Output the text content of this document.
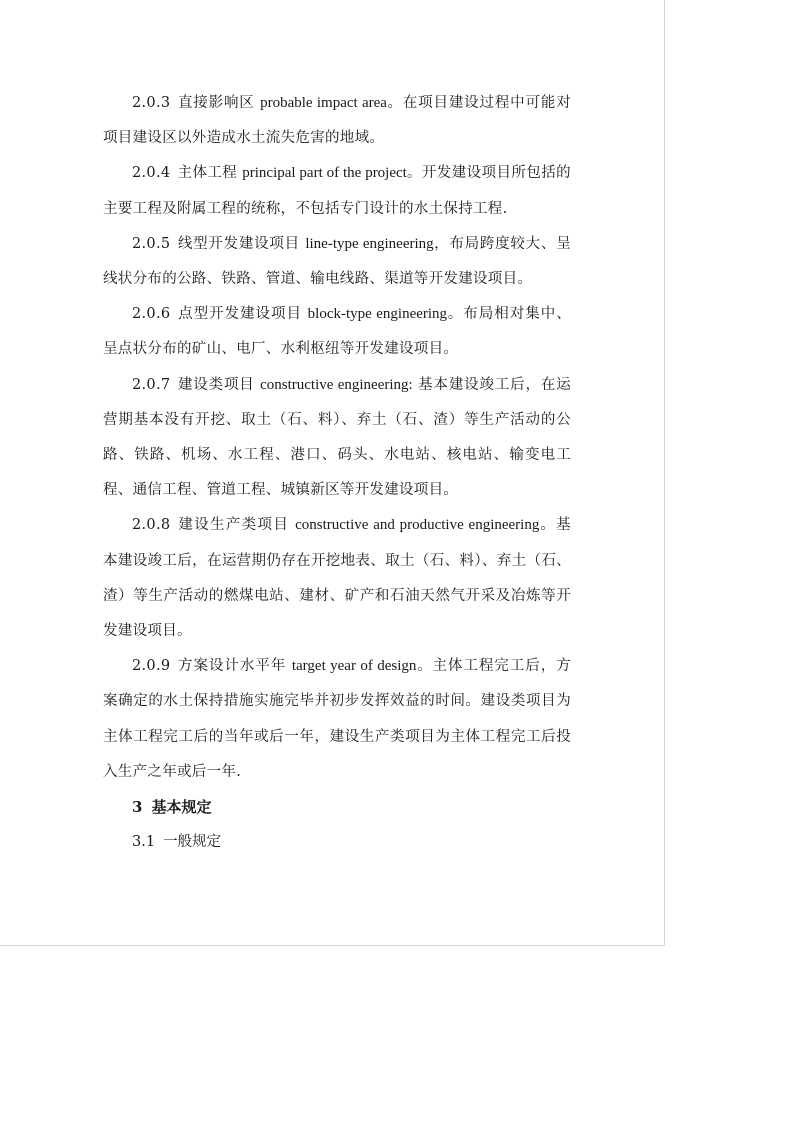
2.0.3 直接影响区 probable impact area。在项目建设过程中可能对项目建设区以外造成水土流失危害的地域。

2.0.4 主体工程 principal part of the project。开发建设项目所包括的主要工程及附属工程的统称，不包括专门设计的水土保持工程.

2.0.5 线型开发建设项目 line-type engineering，布局跨度较大、呈线状分布的公路、铁路、管道、输电线路、渠道等开发建设项目。

2.0.6 点型开发建设项目 block-type engineering。布局相对集中、呈点状分布的矿山、电厂、水利枢纽等开发建设项目。

2.0.7 建设类项目 constructive engineering: 基本建设竣工后，在运营期基本没有开挖、取土（石、料）、弃土（石、渣）等生产活动的公路、铁路、机场、水工程、港口、码头、水电站、核电站、输变电工程、通信工程、管道工程、城镇新区等开发建设项目。

2.0.8 建设生产类项目 constructive and productive engineering。基本建设竣工后，在运营期仍存在开挖地表、取土（石、料）、弃土（石、渣）等生产活动的燃煤电站、建材、矿产和石油天然气开采及冶炼等开发建设项目。

2.0.9 方案设计水平年 target year of design。主体工程完工后，方案确定的水土保持措施实施完毕并初步发挥效益的时间。建设类项目为主体工程完工后的当年或后一年，建设生产类项目为主体工程完工后投入生产之年或后一年.

3 基本规定

3.1 一般规定
